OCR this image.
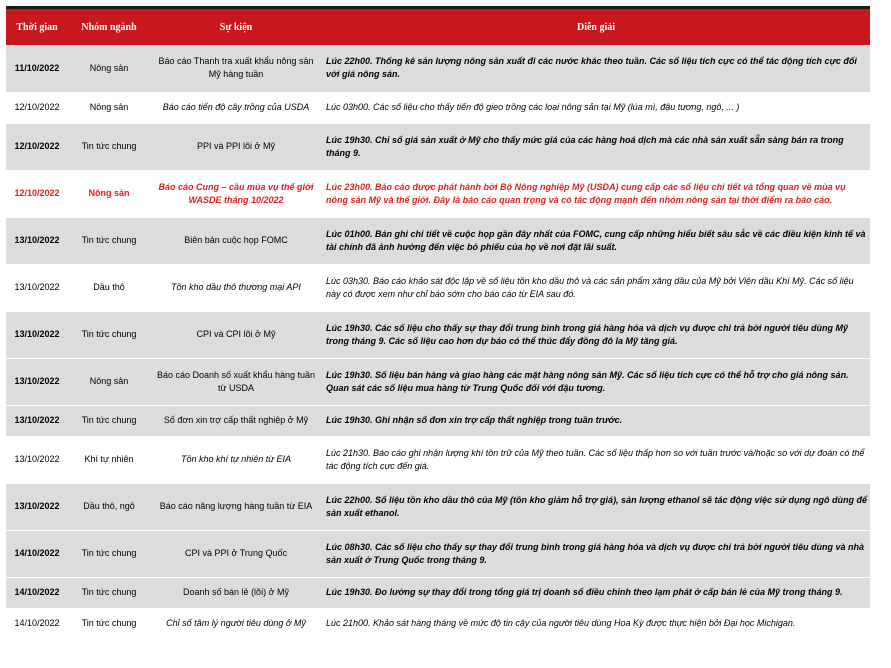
Thời gian	Nhóm ngành	Sự kiện	Diễn giải
11/10/2022	Nông sản	Báo cáo Thanh tra xuất khẩu nông sản Mỹ hàng tuần	Lúc 22h00. Thống kê sản lượng nông sản xuất đi các nước khác theo tuần. Các số liệu tích cực có thể tác động tích cực đối với giá nông sản.
12/10/2022	Nông sản	Báo cáo tiến độ cây trồng của USDA	Lúc 03h00. Các số liệu cho thấy tiến độ gieo trồng các loại nông sản tại Mỹ (lúa mì, đậu tương, ngô, ... )
12/10/2022	Tin tức chung	PPI và PPI lõi ở Mỹ	Lúc 19h30. Chỉ số giá sản xuất ở Mỹ cho thấy mức giá của các hàng hoá dịch mà các nhà sản xuất sẵn sàng bán ra trong tháng 9.
12/10/2022	Nông sản	Báo cáo Cung – cầu mùa vụ thế giới WASDE tháng 10/2022	Lúc 23h00. Báo cáo được phát hành bởi Bộ Nông nghiệp Mỹ (USDA) cung cấp các số liệu chi tiết và tổng quan về mùa vụ nông sản Mỹ và thế giới. Đây là báo cáo quan trọng và có tác động mạnh đến nhóm nông sản tại thời điểm ra báo cáo.
13/10/2022	Tin tức chung	Biên bản cuộc họp FOMC	Lúc 01h00. Bản ghi chi tiết về cuộc họp gần đây nhất của FOMC, cung cấp những hiểu biết sâu sắc về các điều kiện kinh tế và tài chính đã ảnh hưởng đến việc bỏ phiếu của họ về nơi đặt lãi suất.
13/10/2022	Dầu thô	Tồn kho dầu thô thương mại API	Lúc 03h30. Báo cáo khảo sát độc lập về số liệu tồn kho dầu thô và các sản phẩm xăng dầu của Mỹ bởi Viện dầu Khí Mỹ. Các số liệu này có được xem như chỉ báo sớm cho báo cáo từ EIA sau đó.
13/10/2022	Tin tức chung	CPI và CPI lõi ở Mỹ	Lúc 19h30. Các số liệu cho thấy sự thay đổi trung bình trong giá hàng hóa và dịch vụ được chi trả bởi người tiêu dùng Mỹ trong tháng 9. Các số liệu cao hơn dự báo có thể thúc đẩy đồng đô la Mỹ tăng giá.
13/10/2022	Nông sản	Báo cáo Doanh số xuất khẩu hàng tuần từ USDA	Lúc 19h30. Số liệu bán hàng và giao hàng các mặt hàng nông sản Mỹ. Các số liệu tích cực có thể hỗ trợ cho giá nông sản. Quan sát các số liệu mua hàng từ Trung Quốc đối với đậu tương.
13/10/2022	Tin tức chung	Số đơn xin trợ cấp thất nghiệp ở Mỹ	Lúc 19h30. Ghi nhận số đơn xin trợ cấp thất nghiệp trong tuần trước.
13/10/2022	Khí tự nhiên	Tồn kho khí tự nhiên từ EIA	Lúc 21h30. Báo cáo ghi nhận lượng khí tồn trữ của Mỹ theo tuần. Các số liệu thấp hơn so với tuần trước và/hoặc so với dự đoán có thể tác động tích cực đến giá.
13/10/2022	Dầu thô, ngô	Báo cáo năng lượng hàng tuần từ EIA	Lúc 22h00. Số liệu tồn kho dầu thô của Mỹ (tồn kho giảm hỗ trợ giá), sản lượng ethanol sẽ tác động việc sử dụng ngô dùng để sản xuất ethanol.
14/10/2022	Tin tức chung	CPI và PPI ở Trung Quốc	Lúc 08h30. Các số liệu cho thấy sự thay đổi trung bình trong giá hàng hóa và dịch vụ được chi trả bởi người tiêu dùng và nhà sản xuất ở Trung Quốc trong tháng 9.
14/10/2022	Tin tức chung	Doanh số bán lẻ (lõi) ở Mỹ	Lúc 19h30. Đo lường sự thay đổi trong tổng giá trị doanh số điều chỉnh theo lạm phát ở cấp bán lẻ của Mỹ trong tháng 9.
14/10/2022	Tin tức chung	Chỉ số tâm lý người tiêu dùng ở Mỹ	Lúc 21h00. Khảo sát hàng tháng về mức độ tin cậy của người tiêu dùng Hoa Kỳ được thực hiện bởi Đại học Michigan.
